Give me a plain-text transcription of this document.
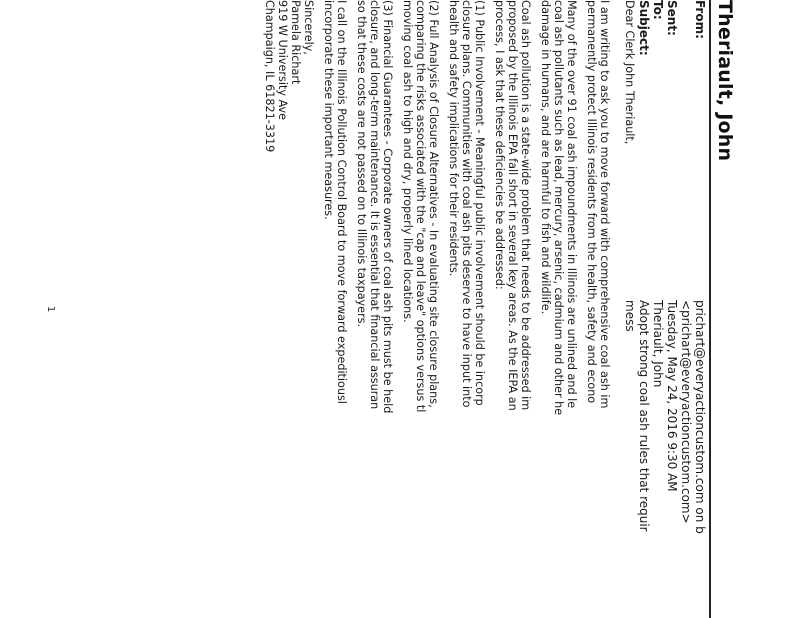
Theriault, John
From:
prichart@everyactioncustom.com on b
<prichart@everyactioncustom.com>
Sent:
Tuesday, May 24, 2016 9:30 AM
To:
Theriault, John
Subject:
Adopt strong coal ash rules that requir
mess
Dear Clerk John Theriault,
I am writing to ask you to move forward with comprehensive coal ash im
permanently protect Illinois residents from the health, safety and econo
Many of the over 91 coal ash impoundments in Illinois are unlined and le
coal ash pollutants such as lead, mercury, arsenic, cadmium and other he
damage in humans, and are harmful to fish and wildlife.
Coal ash pollution is a state-wide problem that needs to be addressed im
proposed by the Illinois EPA fall short in several key areas. As the IEPA an
process, I ask that these deficiencies be addressed:
(1) Public Involvement - Meaningful public involvement should be incorp
closure plans. Communities with coal ash pits deserve to have input into
health and safety implications for their residents.
(2) Full Analysis of Closure Alternatives - In evaluating site closure plans,
comparing the risks associated with the "cap and leave" options versus tl
moving coal ash to high and dry, properly lined locations.
(3) Financial Guarantees - Corporate owners of coal ash pits must be held
closure, and long-term maintenance. It is essential that financial assuran
so that these costs are not passed on to Illinois taxpayers.
I call on the Illinois Pollution Control Board to move forward expeditiousl
incorporate these important measures.
Sincerely,
Pamela Richart
919 W University Ave
Champaign, IL 61821-3319
1
